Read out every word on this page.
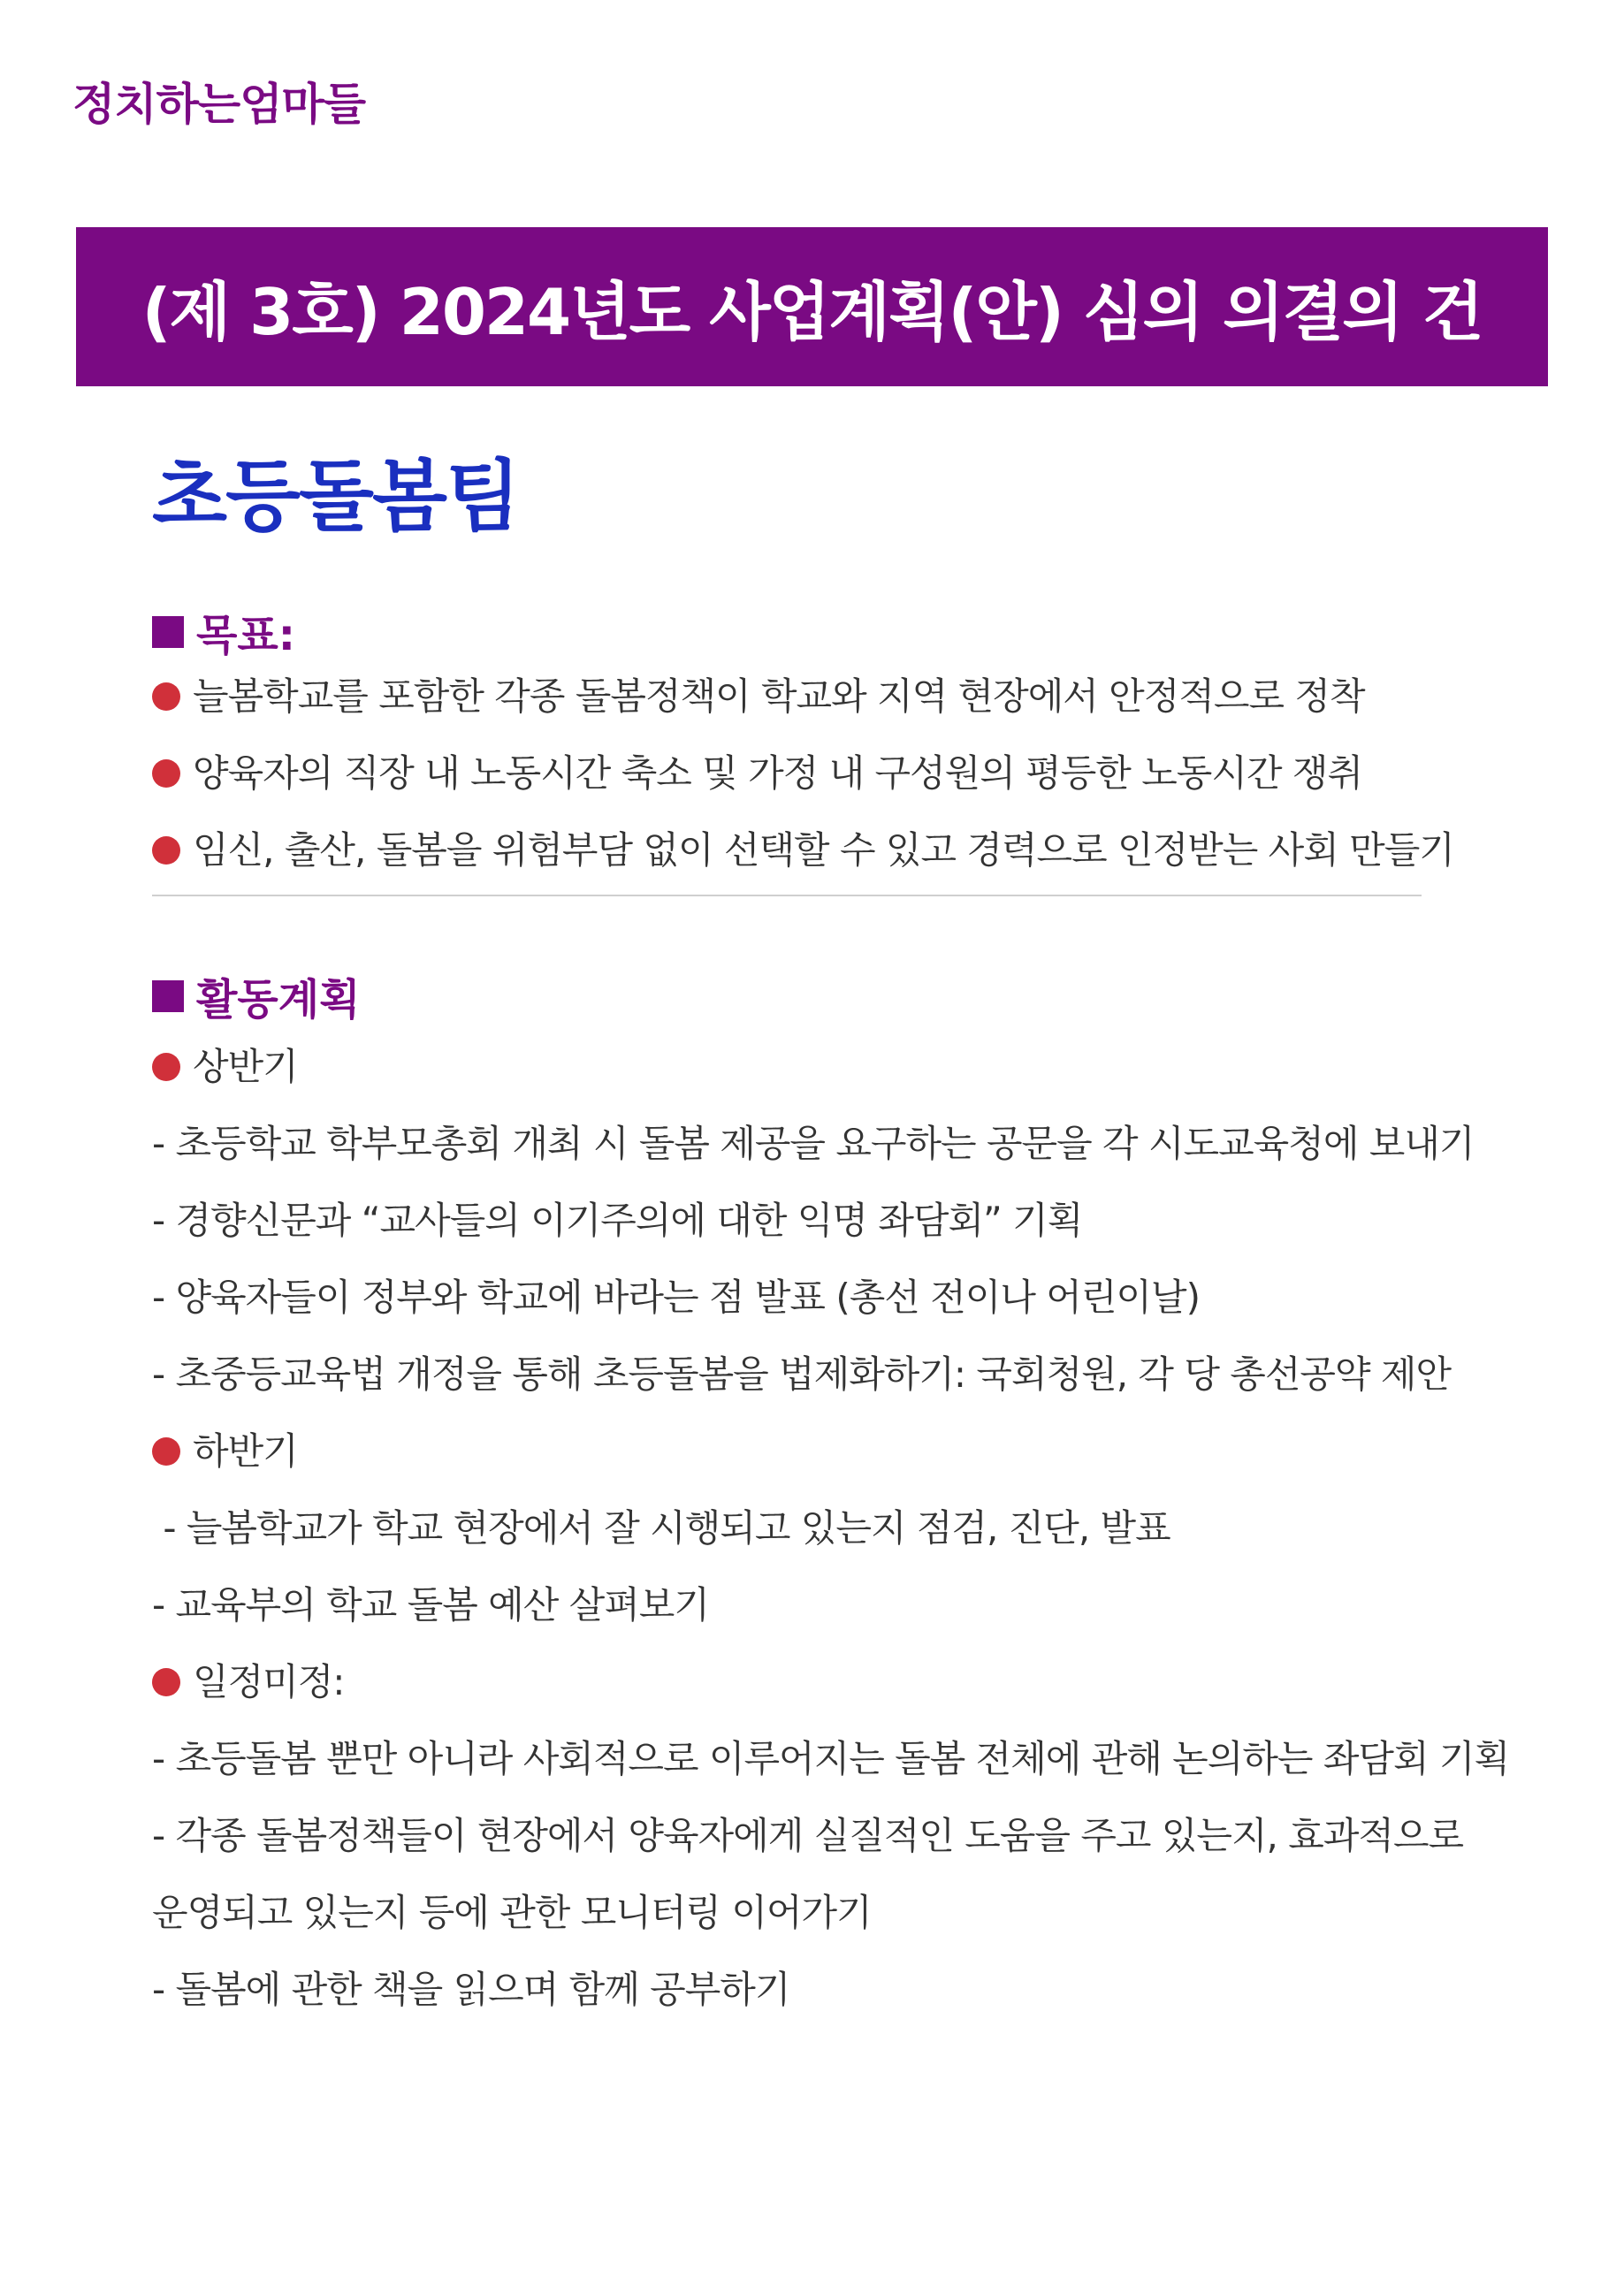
정치하는엄마들
(제 3호) 2024년도 사업계획(안) 심의 의결의 건
초등돌봄팀
목표:
늘봄학교를 포함한 각종 돌봄정책이 학교와 지역 현장에서 안정적으로 정착
양육자의 직장 내 노동시간 축소 및 가정 내 구성원의 평등한 노동시간 쟁취
임신, 출산, 돌봄을 위험부담 없이 선택할 수 있고 경력으로 인정받는 사회 만들기
활동계획
상반기
- 초등학교 학부모총회 개최 시 돌봄 제공을 요구하는 공문을 각 시도교육청에 보내기
- 경향신문과 “교사들의 이기주의에 대한 익명 좌담회” 기획
- 양육자들이 정부와 학교에 바라는 점 발표 (총선 전이나 어린이날)
- 초중등교육법 개정을 통해 초등돌봄을 법제화하기: 국회청원, 각 당 총선공약 제안
하반기
- 늘봄학교가 학교 현장에서 잘 시행되고 있는지 점검, 진단, 발표
- 교육부의 학교 돌봄 예산 살펴보기
일정미정:
- 초등돌봄 뿐만 아니라 사회적으로 이루어지는 돌봄 전체에 관해 논의하는 좌담회 기획
- 각종 돌봄정책들이 현장에서 양육자에게 실질적인 도움을 주고 있는지, 효과적으로
운영되고 있는지 등에 관한 모니터링 이어가기
- 돌봄에 관한 책을 읽으며 함께 공부하기
